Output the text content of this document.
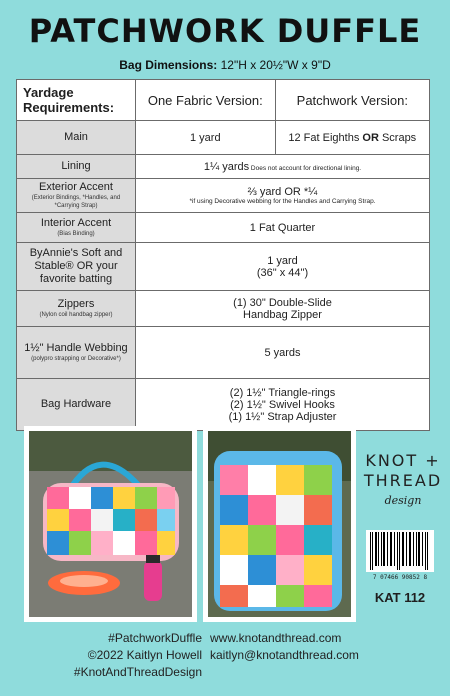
PATCHWORK DUFFLE
Bag Dimensions: 12"H x 20½"W x 9"D
Yardage Requirements:	One Fabric Version:	Patchwork Version:
Main	1 yard	12 Fat Eighths OR Scraps
Lining	1¼ yards Does not account for directional lining.	
Exterior Accent
(Exterior Bindings, *Handles, and *Carrying Strap)	⅔ yard OR *¼
*if using Decorative webbing for the Handles and Carrying Strap.	

Interior Accent
(Bias Binding)	1 Fat Quarter	
ByAnnie's Soft and Stable® OR your favorite batting	1 yard
(36" x 44")	
Zippers
(Nylon coil handbag zipper)	(1) 30" Double-Slide
Handbag Zipper	
1½" Handle Webbing
(polypro strapping or Decorative*)	5 yards	
Bag Hardware	(2) 1½" Triangle-rings
(2) 1½" Swivel Hooks
(1) 1½" Strap Adjuster	
KNOT +
THREAD
design
7 07466 90852 8
KAT 112
#PatchworkDuffle
©2022 Kaitlyn Howell
#KnotAndThreadDesign
www.knotandthread.com
kaitlyn@knotandthread.com
